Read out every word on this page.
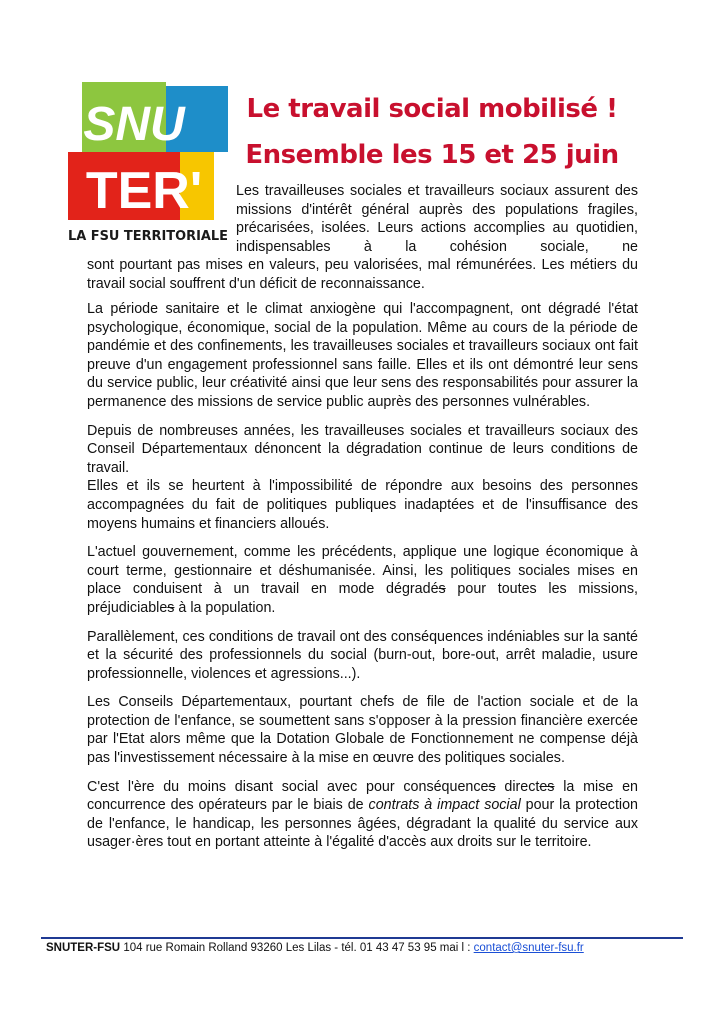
SNU
TER'
LA FSU TERRITORIALE
Le travail social mobilisé !
Ensemble les 15 et 25 juin

Les travailleuses sociales et travailleurs sociaux assurent des missions d'intérêt général auprès des populations fragiles, précarisées, isolées. Leurs actions accomplies au quotidien, indispensables à la cohésion sociale, ne

sont pourtant pas mises en valeurs, peu valorisées, mal rémunérées. Les métiers du travail social souffrent d'un déficit de reconnaissance.

La période sanitaire et le climat anxiogène qui l'accompagnent, ont dégradé l'état psychologique, économique, social de la population. Même au cours de la période de pandémie et des confinements, les travailleuses sociales et travailleurs sociaux ont fait preuve d'un engagement professionnel sans faille. Elles et ils ont démontré leur sens du service public, leur créativité ainsi que leur sens des responsabilités pour assurer la permanence des missions de service public auprès des personnes vulnérables.

Depuis de nombreuses années, les travailleuses sociales et travailleurs sociaux des Conseil Départementaux dénoncent la dégradation continue de leurs conditions de travail.
Elles et ils se heurtent à l'impossibilité de répondre aux besoins des personnes accompagnées du fait de politiques publiques inadaptées et de l'insuffisance des moyens humains et financiers alloués.

L'actuel gouvernement, comme les précédents, applique une logique économique à court terme, gestionnaire et déshumanisée. Ainsi, les politiques sociales mises en place conduisent à un travail en mode dégradés pour toutes les missions, préjudiciables à la population.

Parallèlement, ces conditions de travail ont des conséquences indéniables sur la santé et la sécurité des professionnels du social (burn-out, bore-out, arrêt maladie, usure professionnelle, violences et agressions...).

Les Conseils Départementaux, pourtant chefs de file de l'action sociale et de la protection de l'enfance, se soumettent sans s'opposer à la pression financière exercée par l'Etat alors même que la Dotation Globale de Fonctionnement ne compense déjà pas l'investissement nécessaire à la mise en œuvre des politiques sociales.

C'est l'ère du moins disant social avec pour conséquences directes la mise en concurrence des opérateurs par le biais de contrats à impact social pour la protection de l'enfance, le handicap, les personnes âgées, dégradant la qualité du service aux usager·ères tout en portant atteinte à l'égalité d'accès aux droits sur le territoire.

SNUTER-FSU 104 rue Romain Rolland 93260 Les Lilas - tél. 01 43 47 53 95 mai l : contact@snuter-fsu.fr
